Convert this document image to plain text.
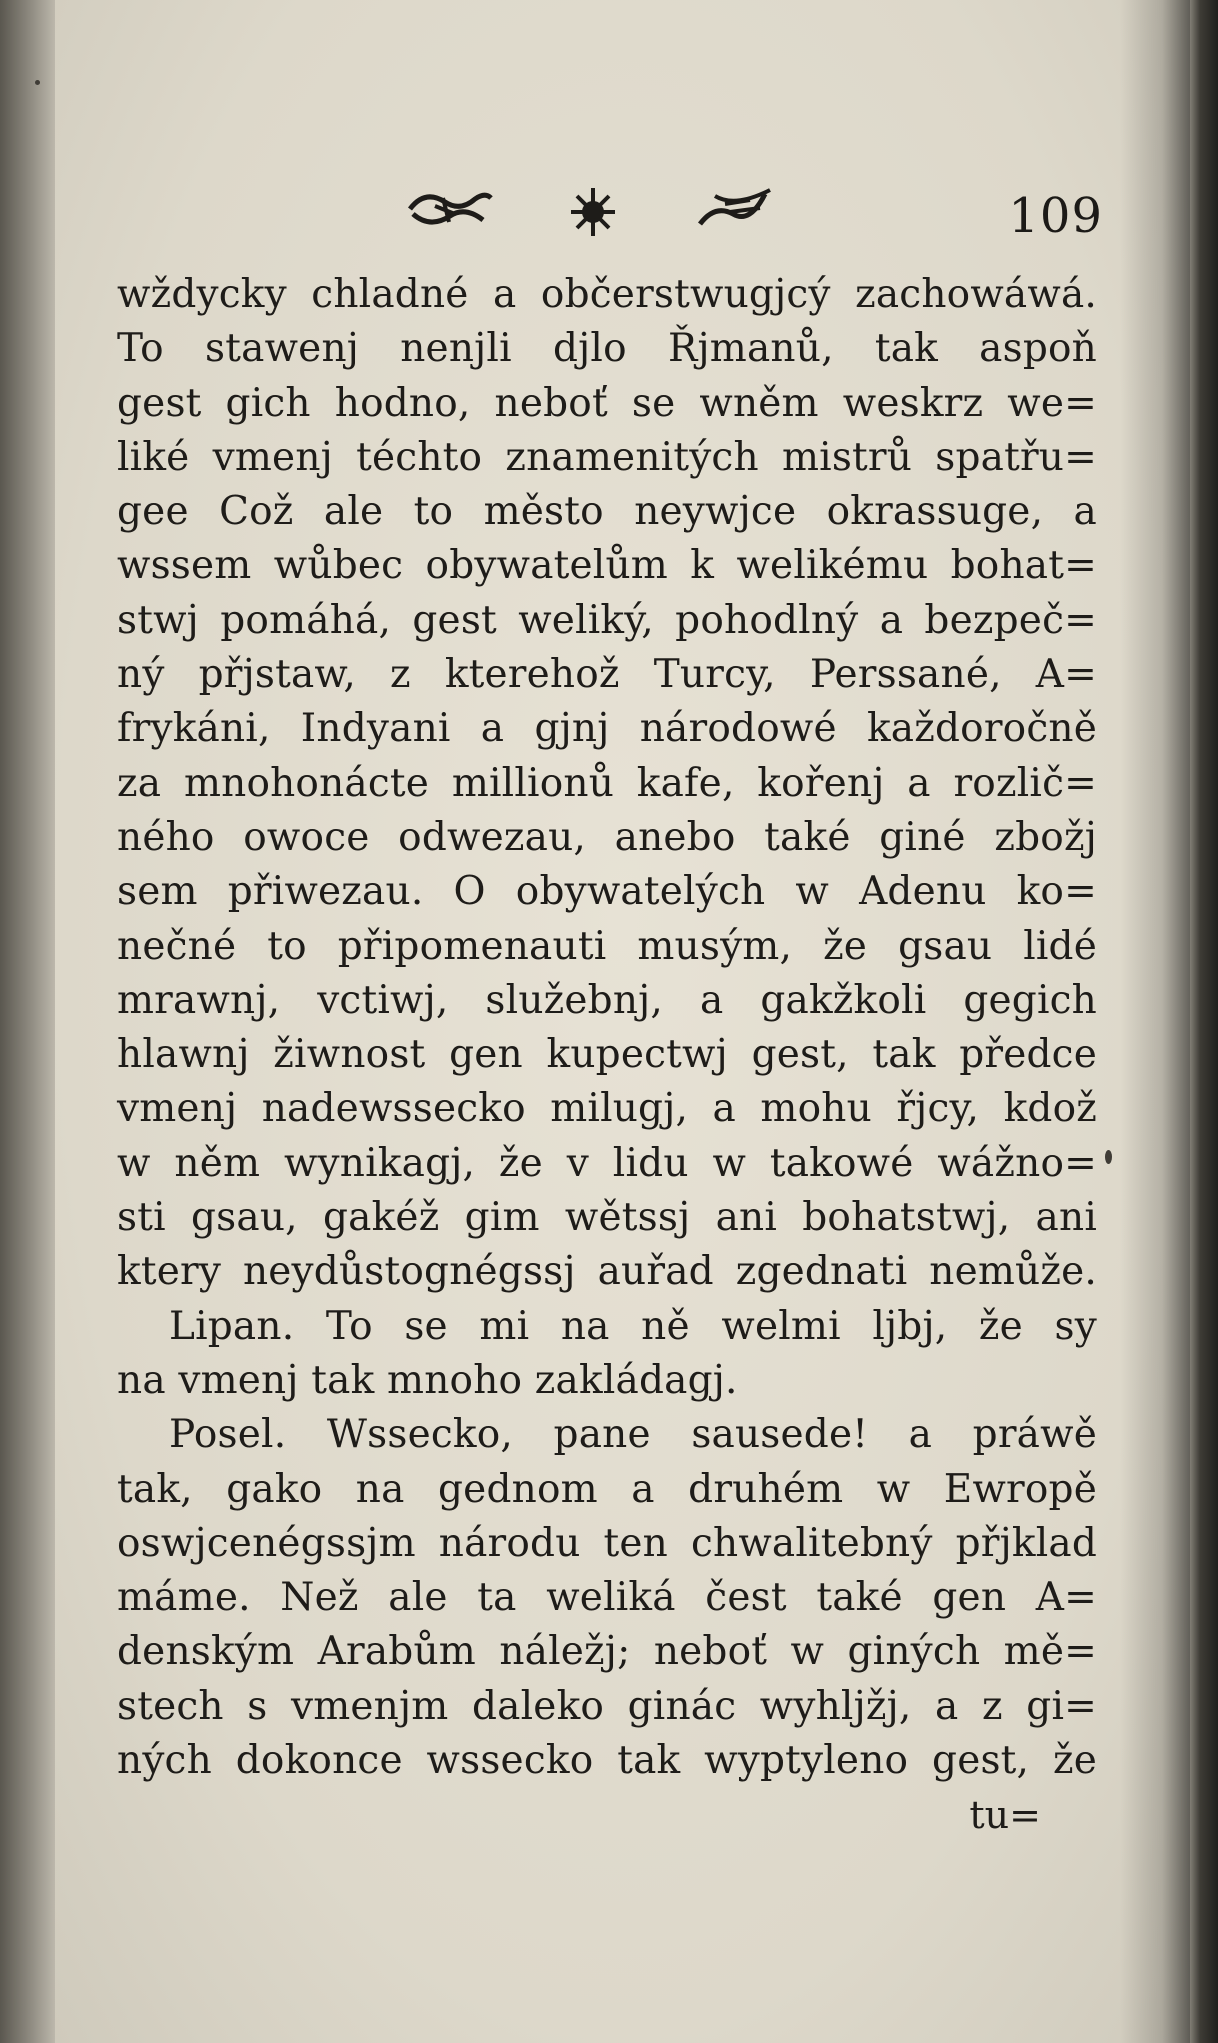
109
wždycky chladné a občerstwugjcý zachowáwá.
To stawenj nenjli djlo Řjmanů, tak aspoň
gest gich hodno, neboť se wněm weskrz we=
liké vmenj téchto znamenitých mistrů spatřu=
gee Což ale to město neywjce okrassuge, a
wssem wůbec obywatelům k welikému bohat=
stwj pomáhá, gest weliký, pohodlný a bezpeč=
ný přjstaw, z kterehož Turcy, Perssané, A=
frykáni, Indyani a gjnj národowé každoročně
za mnohonácte millionů kafe, kořenj a rozlič=
ného owoce odwezau, anebo také giné zbožj
sem přiwezau. O obywatelých w Adenu ko=
nečné to připomenauti musým, že gsau lidé
mrawnj, vctiwj, služebnj, a gakžkoli gegich
hlawnj žiwnost gen kupectwj gest, tak předce
vmenj nadewssecko milugj, a mohu řjcy, kdož
w něm wynikagj, že v lidu w takowé wážno=
sti gsau, gakéž gim wětssj ani bohatstwj, ani
ktery neydůstognégssj auřad zgednati nemůže.
Lipan. To se mi na ně welmi ljbj, že sy
na vmenj tak mnoho zakládagj.
Posel. Wssecko, pane sausede! a práwě
tak, gako na gednom a druhém w Ewropě
oswjcenégssjm národu ten chwalitebný přjklad
máme. Než ale ta weliká čest také gen A=
denským Arabům náležj; neboť w giných mě=
stech s vmenjm daleko ginác wyhljžj, a z gi=
ných dokonce wssecko tak wyptyleno gest, že
tu=
